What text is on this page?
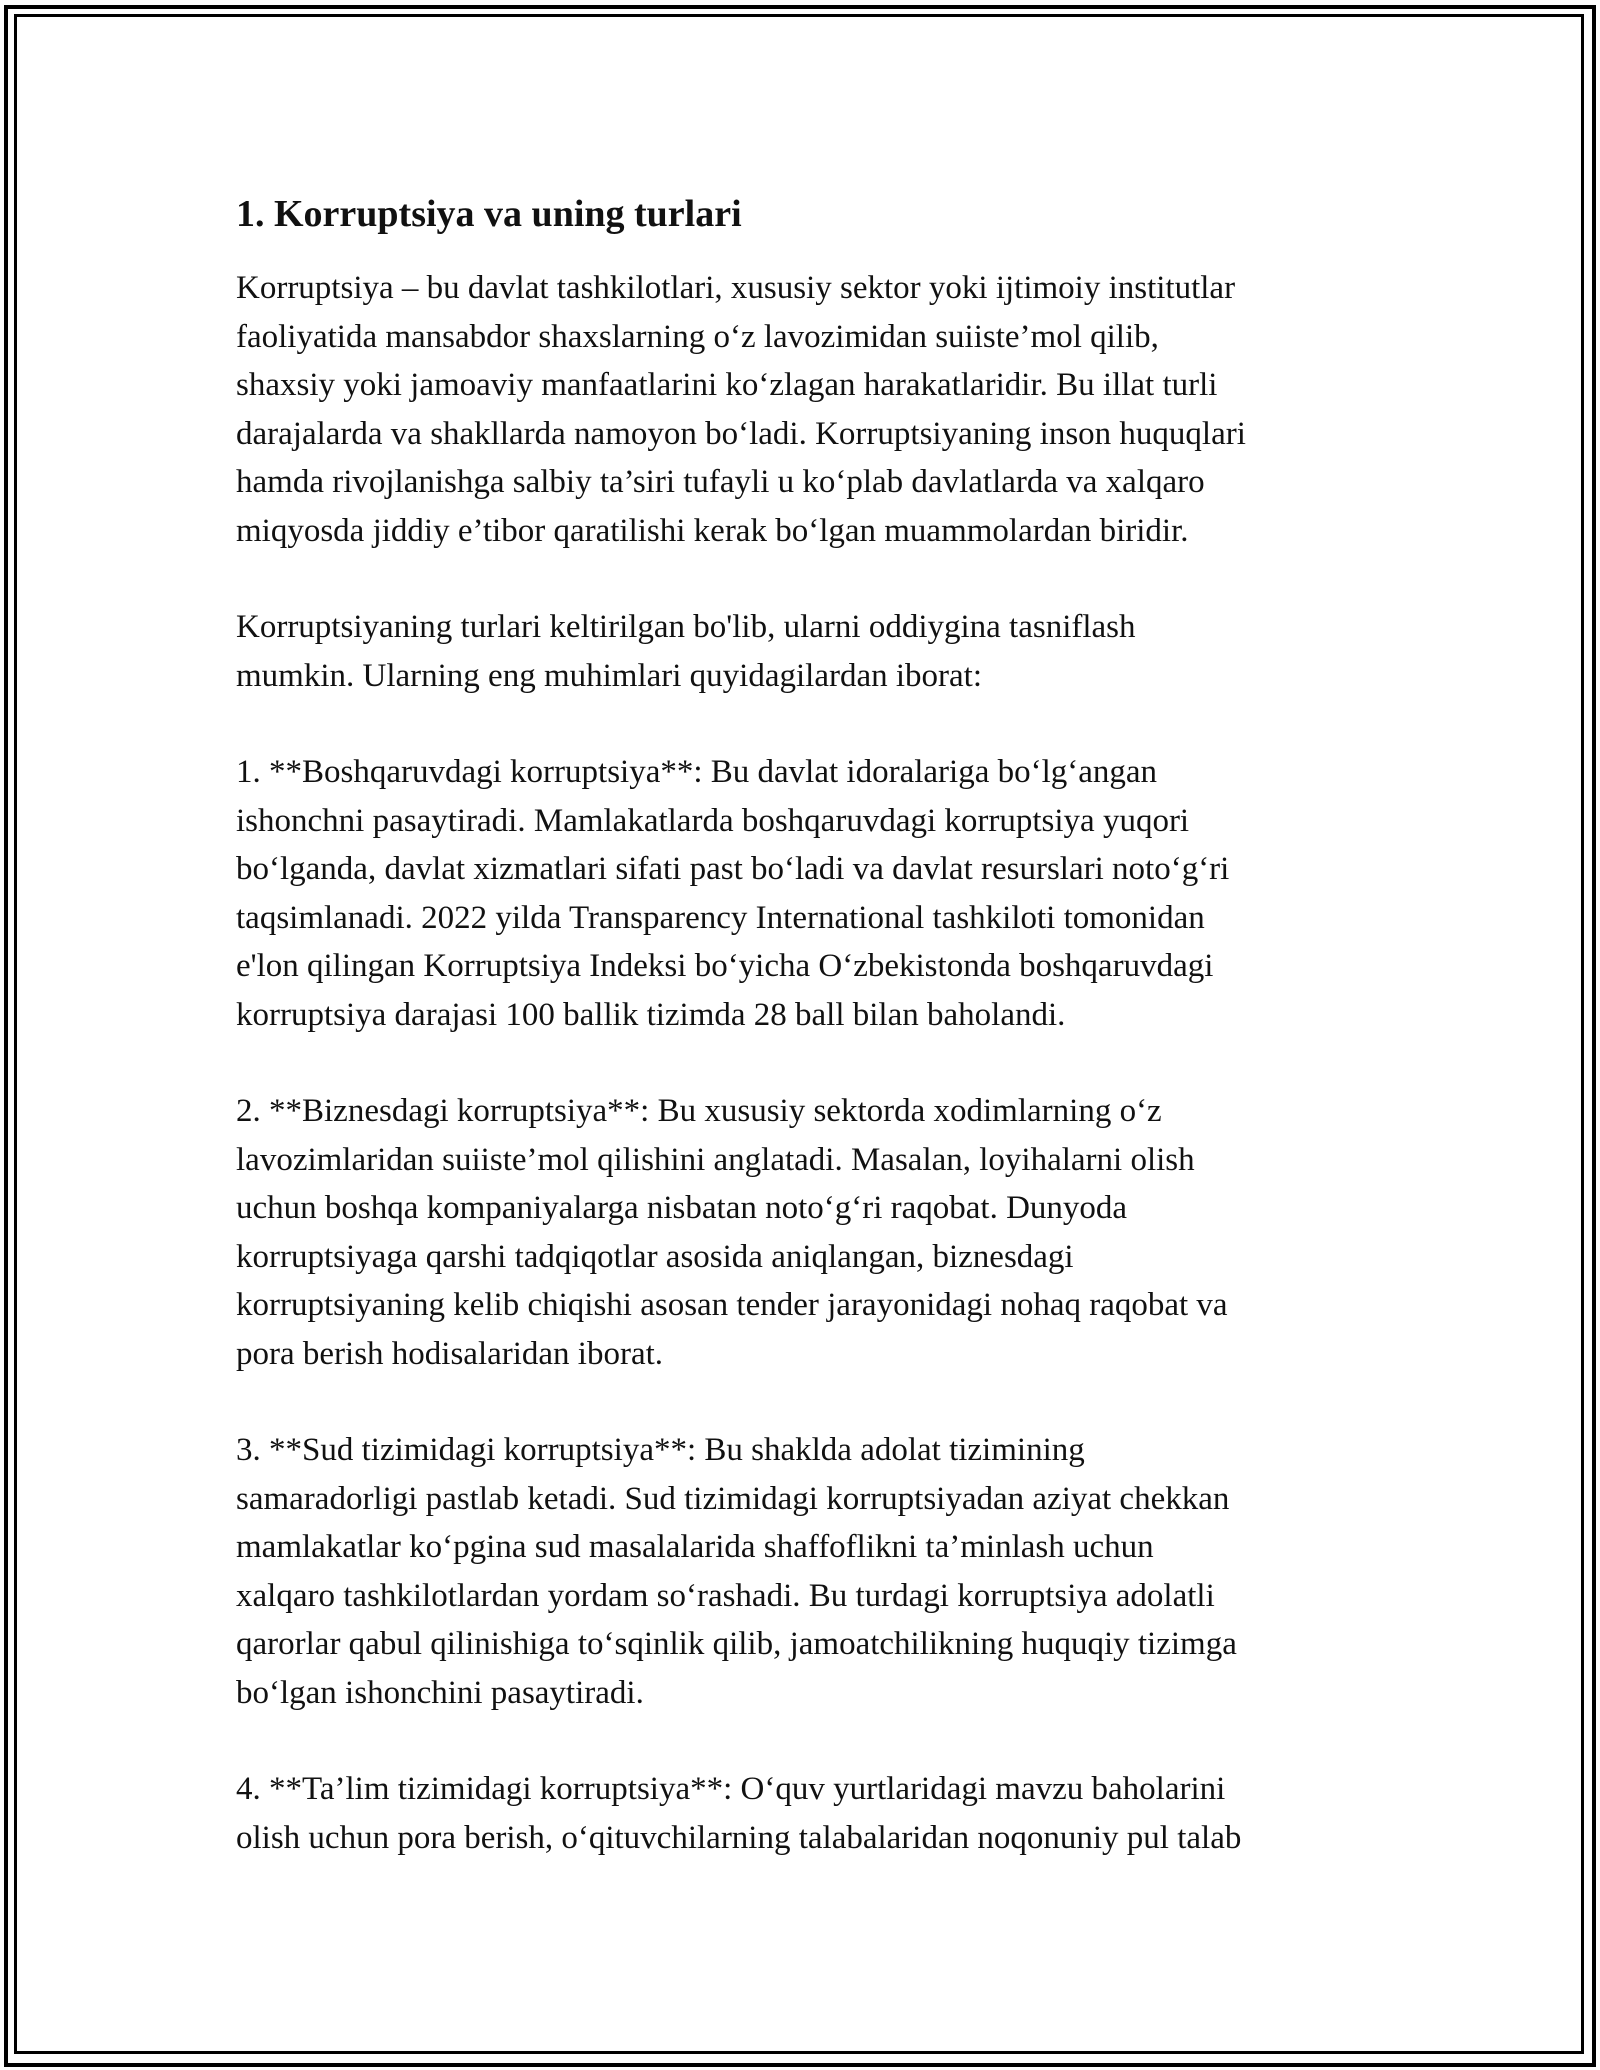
1. Korruptsiya va uning turlari

Korruptsiya – bu davlat tashkilotlari, xususiy sektor yoki ijtimoiy institutlar
faoliyatida mansabdor shaxslarning o‘z lavozimidan suiiste’mol qilib,
shaxsiy yoki jamoaviy manfaatlarini ko‘zlagan harakatlaridir. Bu illat turli
darajalarda va shakllarda namoyon bo‘ladi. Korruptsiyaning inson huquqlari
hamda rivojlanishga salbiy ta’siri tufayli u ko‘plab davlatlarda va xalqaro
miqyosda jiddiy e’tibor qaratilishi kerak bo‘lgan muammolardan biridir.

Korruptsiyaning turlari keltirilgan bo'lib, ularni oddiygina tasniflash
mumkin. Ularning eng muhimlari quyidagilardan iborat:

1. **Boshqaruvdagi korruptsiya**: Bu davlat idoralariga bo‘lg‘angan
ishonchni pasaytiradi. Mamlakatlarda boshqaruvdagi korruptsiya yuqori
bo‘lganda, davlat xizmatlari sifati past bo‘ladi va davlat resurslari noto‘g‘ri
taqsimlanadi. 2022 yilda Transparency International tashkiloti tomonidan
e'lon qilingan Korruptsiya Indeksi bo‘yicha O‘zbekistonda boshqaruvdagi
korruptsiya darajasi 100 ballik tizimda 28 ball bilan baholandi.

2. **Biznesdagi korruptsiya**: Bu xususiy sektorda xodimlarning o‘z
lavozimlaridan suiiste’mol qilishini anglatadi. Masalan, loyihalarni olish
uchun boshqa kompaniyalarga nisbatan noto‘g‘ri raqobat. Dunyoda
korruptsiyaga qarshi tadqiqotlar asosida aniqlangan, biznesdagi
korruptsiyaning kelib chiqishi asosan tender jarayonidagi nohaq raqobat va
pora berish hodisalaridan iborat.

3. **Sud tizimidagi korruptsiya**: Bu shaklda adolat tizimining
samaradorligi pastlab ketadi. Sud tizimidagi korruptsiyadan aziyat chekkan
mamlakatlar ko‘pgina sud masalalarida shaffoflikni ta’minlash uchun
xalqaro tashkilotlardan yordam so‘rashadi. Bu turdagi korruptsiya adolatli
qarorlar qabul qilinishiga to‘sqinlik qilib, jamoatchilikning huquqiy tizimga
bo‘lgan ishonchini pasaytiradi.

4. **Ta’lim tizimidagi korruptsiya**: O‘quv yurtlaridagi mavzu baholarini
olish uchun pora berish, o‘qituvchilarning talabalaridan noqonuniy pul talab
